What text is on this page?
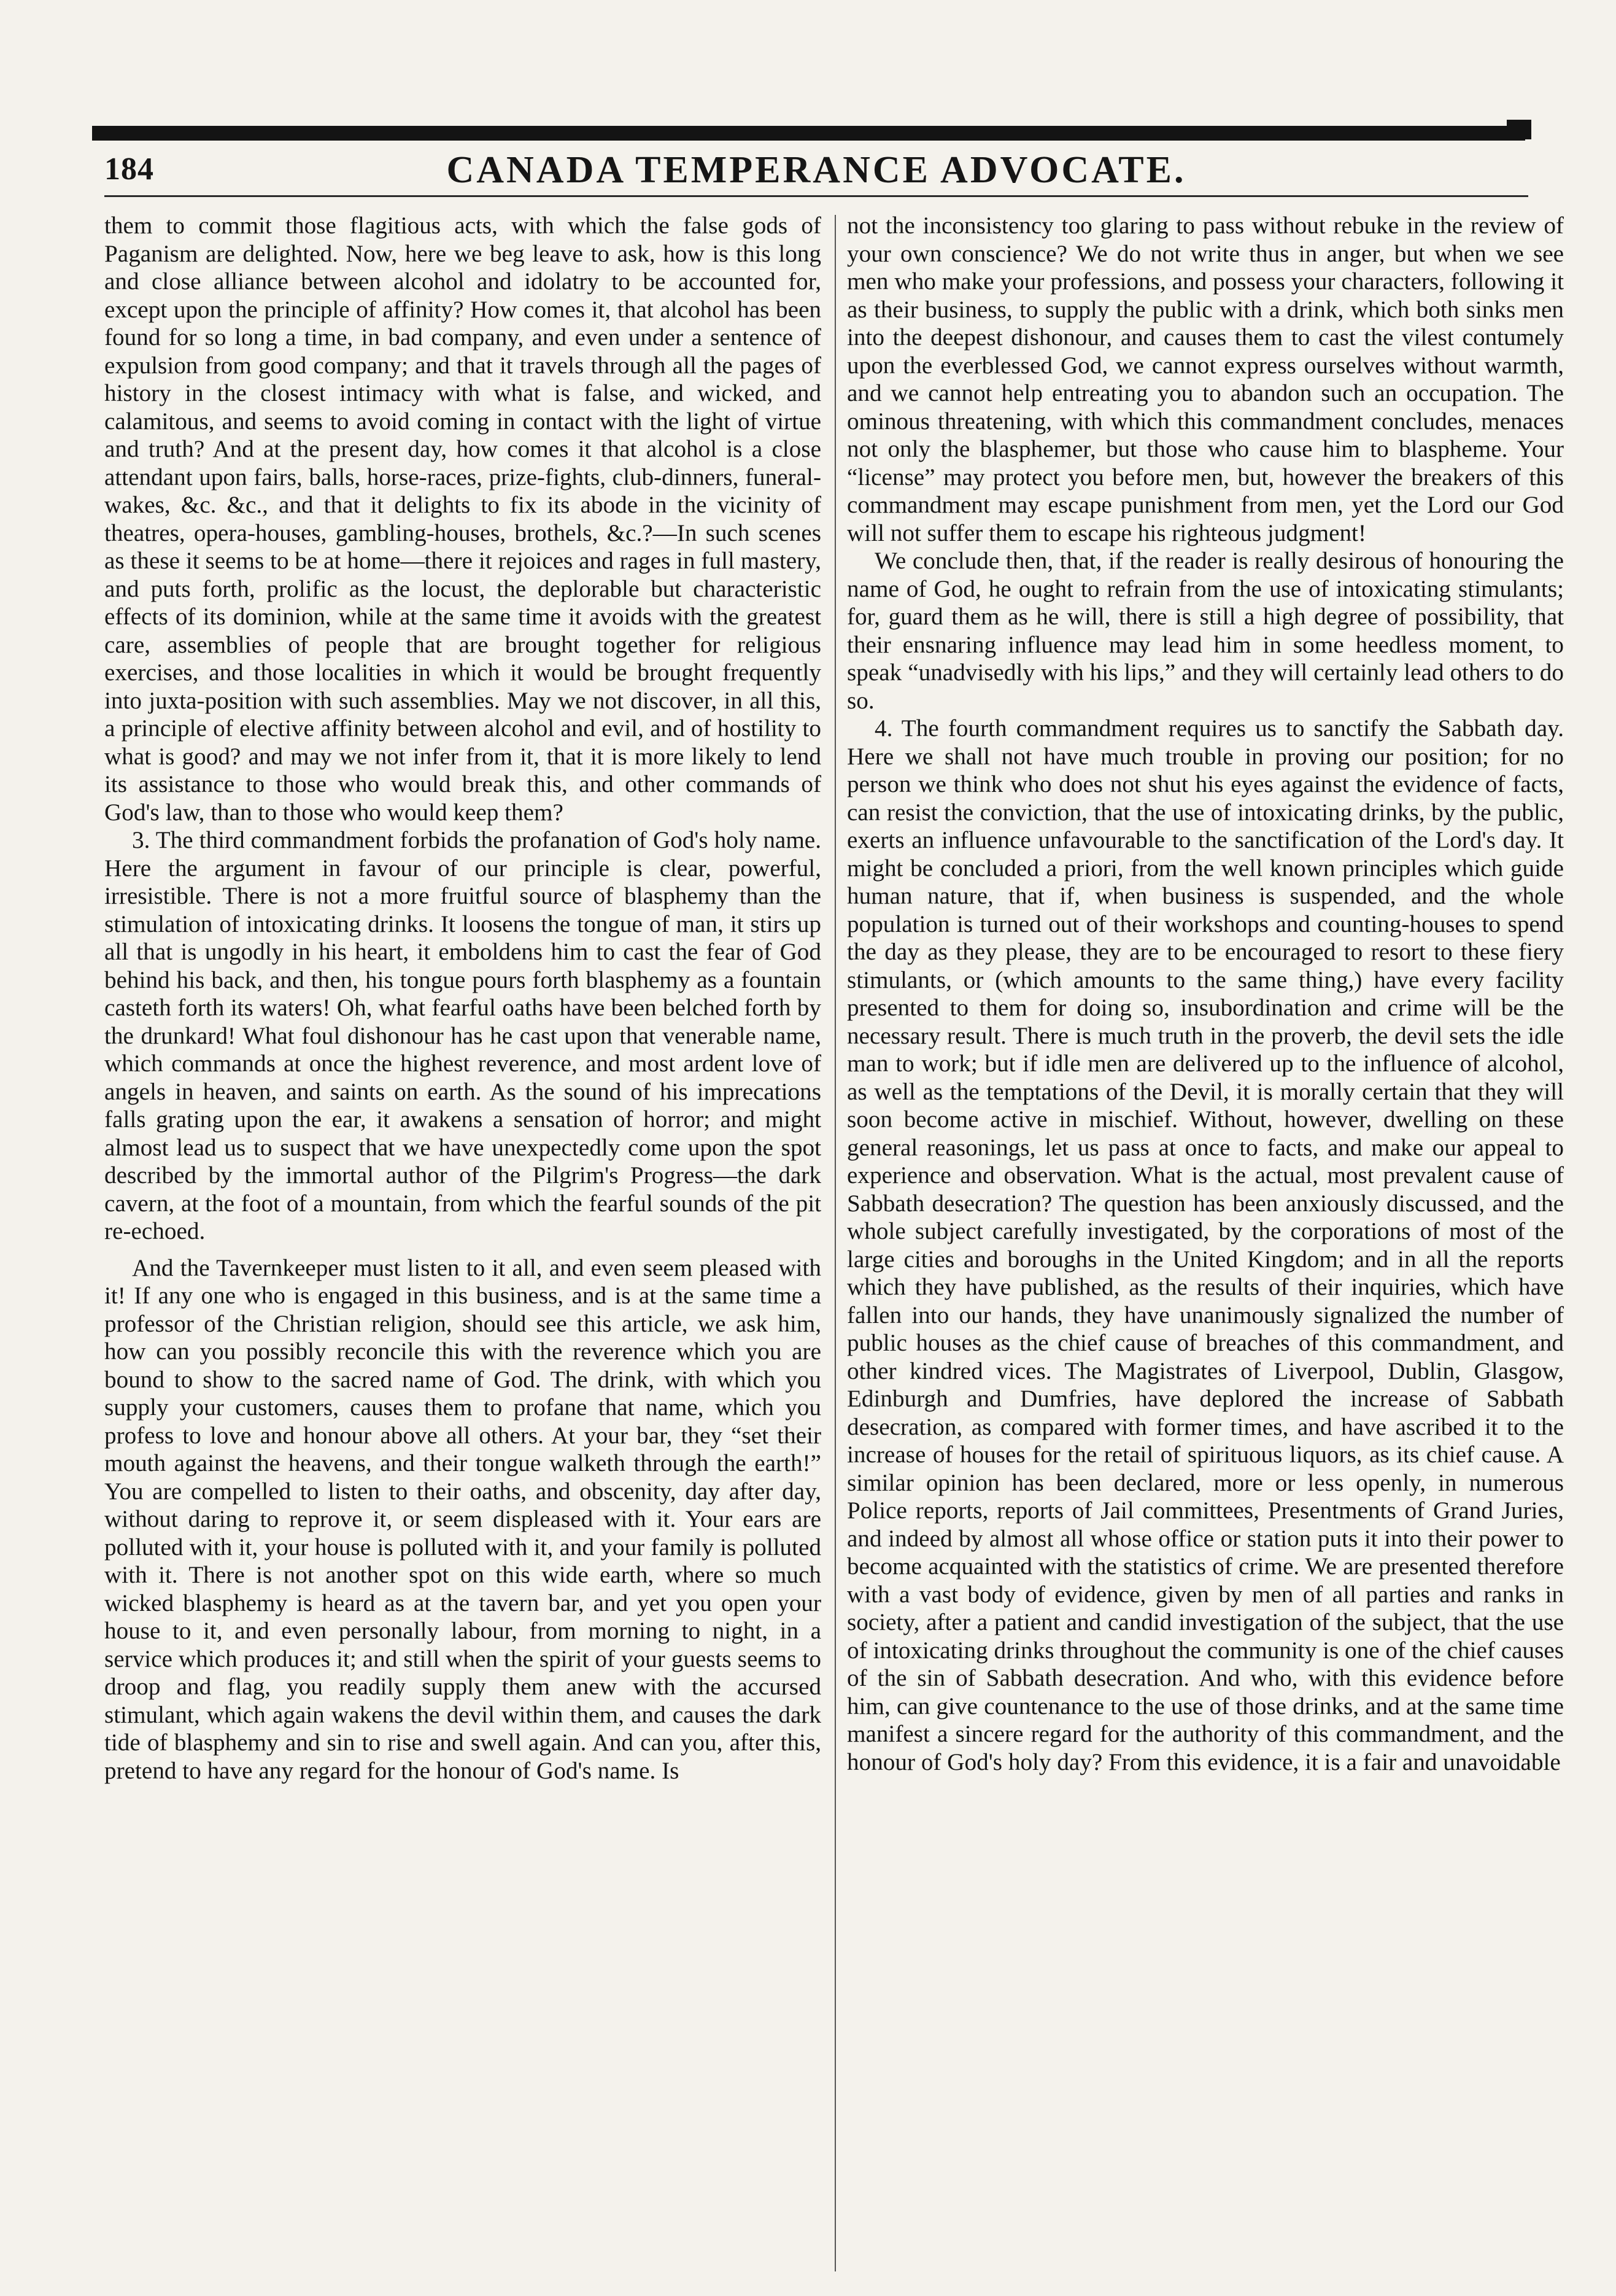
184	CANADA TEMPERANCE ADVOCATE.

them to commit those flagitious acts, with which the false gods of Paganism are delighted. Now, here we beg leave to ask, how is this long and close alliance between alcohol and idolatry to be accounted for, except upon the principle of affinity? How comes it, that alcohol has been found for so long a time, in bad company, and even under a sentence of expulsion from good company; and that it travels through all the pages of history in the closest intimacy with what is false, and wicked, and calamitous, and seems to avoid coming in contact with the light of virtue and truth? And at the present day, how comes it that alcohol is a close attendant upon fairs, balls, horse-races, prize-fights, club-dinners, funeral-wakes, &c. &c., and that it delights to fix its abode in the vicinity of theatres, opera-houses, gambling-houses, brothels, &c.?—In such scenes as these it seems to be at home—there it rejoices and rages in full mastery, and puts forth, prolific as the locust, the deplorable but characteristic effects of its dominion, while at the same time it avoids with the greatest care, assemblies of people that are brought together for religious exercises, and those localities in which it would be brought frequently into juxta-position with such assemblies. May we not discover, in all this, a principle of elective affinity between alcohol and evil, and of hostility to what is good? and may we not infer from it, that it is more likely to lend its assistance to those who would break this, and other commands of God's law, than to those who would keep them?

3. The third commandment forbids the profanation of God's holy name. Here the argument in favour of our principle is clear, powerful, irresistible. There is not a more fruitful source of blasphemy than the stimulation of intoxicating drinks. It loosens the tongue of man, it stirs up all that is ungodly in his heart, it emboldens him to cast the fear of God behind his back, and then, his tongue pours forth blasphemy as a fountain casteth forth its waters! Oh, what fearful oaths have been belched forth by the drunkard! What foul dishonour has he cast upon that venerable name, which commands at once the highest reverence, and most ardent love of angels in heaven, and saints on earth. As the sound of his imprecations falls grating upon the ear, it awakens a sensation of horror; and might almost lead us to suspect that we have unexpectedly come upon the spot described by the immortal author of the Pilgrim's Progress—the dark cavern, at the foot of a mountain, from which the fearful sounds of the pit re-echoed.

And the Tavernkeeper must listen to it all, and even seem pleased with it! If any one who is engaged in this business, and is at the same time a professor of the Christian religion, should see this article, we ask him, how can you possibly reconcile this with the reverence which you are bound to show to the sacred name of God. The drink, with which you supply your customers, causes them to profane that name, which you profess to love and honour above all others. At your bar, they “set their mouth against the heavens, and their tongue walketh through the earth!” You are compelled to listen to their oaths, and obscenity, day after day, without daring to reprove it, or seem displeased with it. Your ears are polluted with it, your house is polluted with it, and your family is polluted with it. There is not another spot on this wide earth, where so much wicked blasphemy is heard as at the tavern bar, and yet you open your house to it, and even personally labour, from morning to night, in a service which produces it; and still when the spirit of your guests seems to droop and flag, you readily supply them anew with the accursed stimulant, which again wakens the devil within them, and causes the dark tide of blasphemy and sin to rise and swell again. And can you, after this, pretend to have any regard for the honour of God's name. Is

not the inconsistency too glaring to pass without rebuke in the review of your own conscience? We do not write thus in anger, but when we see men who make your professions, and possess your characters, following it as their business, to supply the public with a drink, which both sinks men into the deepest dishonour, and causes them to cast the vilest contumely upon the everblessed God, we cannot express ourselves without warmth, and we cannot help entreating you to abandon such an occupation. The ominous threatening, with which this commandment concludes, menaces not only the blasphemer, but those who cause him to blaspheme. Your “license” may protect you before men, but, however the breakers of this commandment may escape punishment from men, yet the Lord our God will not suffer them to escape his righteous judgment!

We conclude then, that, if the reader is really desirous of honouring the name of God, he ought to refrain from the use of intoxicating stimulants; for, guard them as he will, there is still a high degree of possibility, that their ensnaring influence may lead him in some heedless moment, to speak “unadvisedly with his lips,” and they will certainly lead others to do so.

4. The fourth commandment requires us to sanctify the Sabbath day. Here we shall not have much trouble in proving our position; for no person we think who does not shut his eyes against the evidence of facts, can resist the conviction, that the use of intoxicating drinks, by the public, exerts an influence unfavourable to the sanctification of the Lord's day. It might be concluded a priori, from the well known principles which guide human nature, that if, when business is suspended, and the whole population is turned out of their workshops and counting-houses to spend the day as they please, they are to be encouraged to resort to these fiery stimulants, or (which amounts to the same thing,) have every facility presented to them for doing so, insubordination and crime will be the necessary result. There is much truth in the proverb, the devil sets the idle man to work; but if idle men are delivered up to the influence of alcohol, as well as the temptations of the Devil, it is morally certain that they will soon become active in mischief. Without, however, dwelling on these general reasonings, let us pass at once to facts, and make our appeal to experience and observation. What is the actual, most prevalent cause of Sabbath desecration? The question has been anxiously discussed, and the whole subject carefully investigated, by the corporations of most of the large cities and boroughs in the United Kingdom; and in all the reports which they have published, as the results of their inquiries, which have fallen into our hands, they have unanimously signalized the number of public houses as the chief cause of breaches of this commandment, and other kindred vices. The Magistrates of Liverpool, Dublin, Glasgow, Edinburgh and Dumfries, have deplored the increase of Sabbath desecration, as compared with former times, and have ascribed it to the increase of houses for the retail of spirituous liquors, as its chief cause. A similar opinion has been declared, more or less openly, in numerous Police reports, reports of Jail committees, Presentments of Grand Juries, and indeed by almost all whose office or station puts it into their power to become acquainted with the statistics of crime. We are presented therefore with a vast body of evidence, given by men of all parties and ranks in society, after a patient and candid investigation of the subject, that the use of intoxicating drinks throughout the community is one of the chief causes of the sin of Sabbath desecration. And who, with this evidence before him, can give countenance to the use of those drinks, and at the same time manifest a sincere regard for the authority of this commandment, and the honour of God's holy day? From this evidence, it is a fair and unavoidable
